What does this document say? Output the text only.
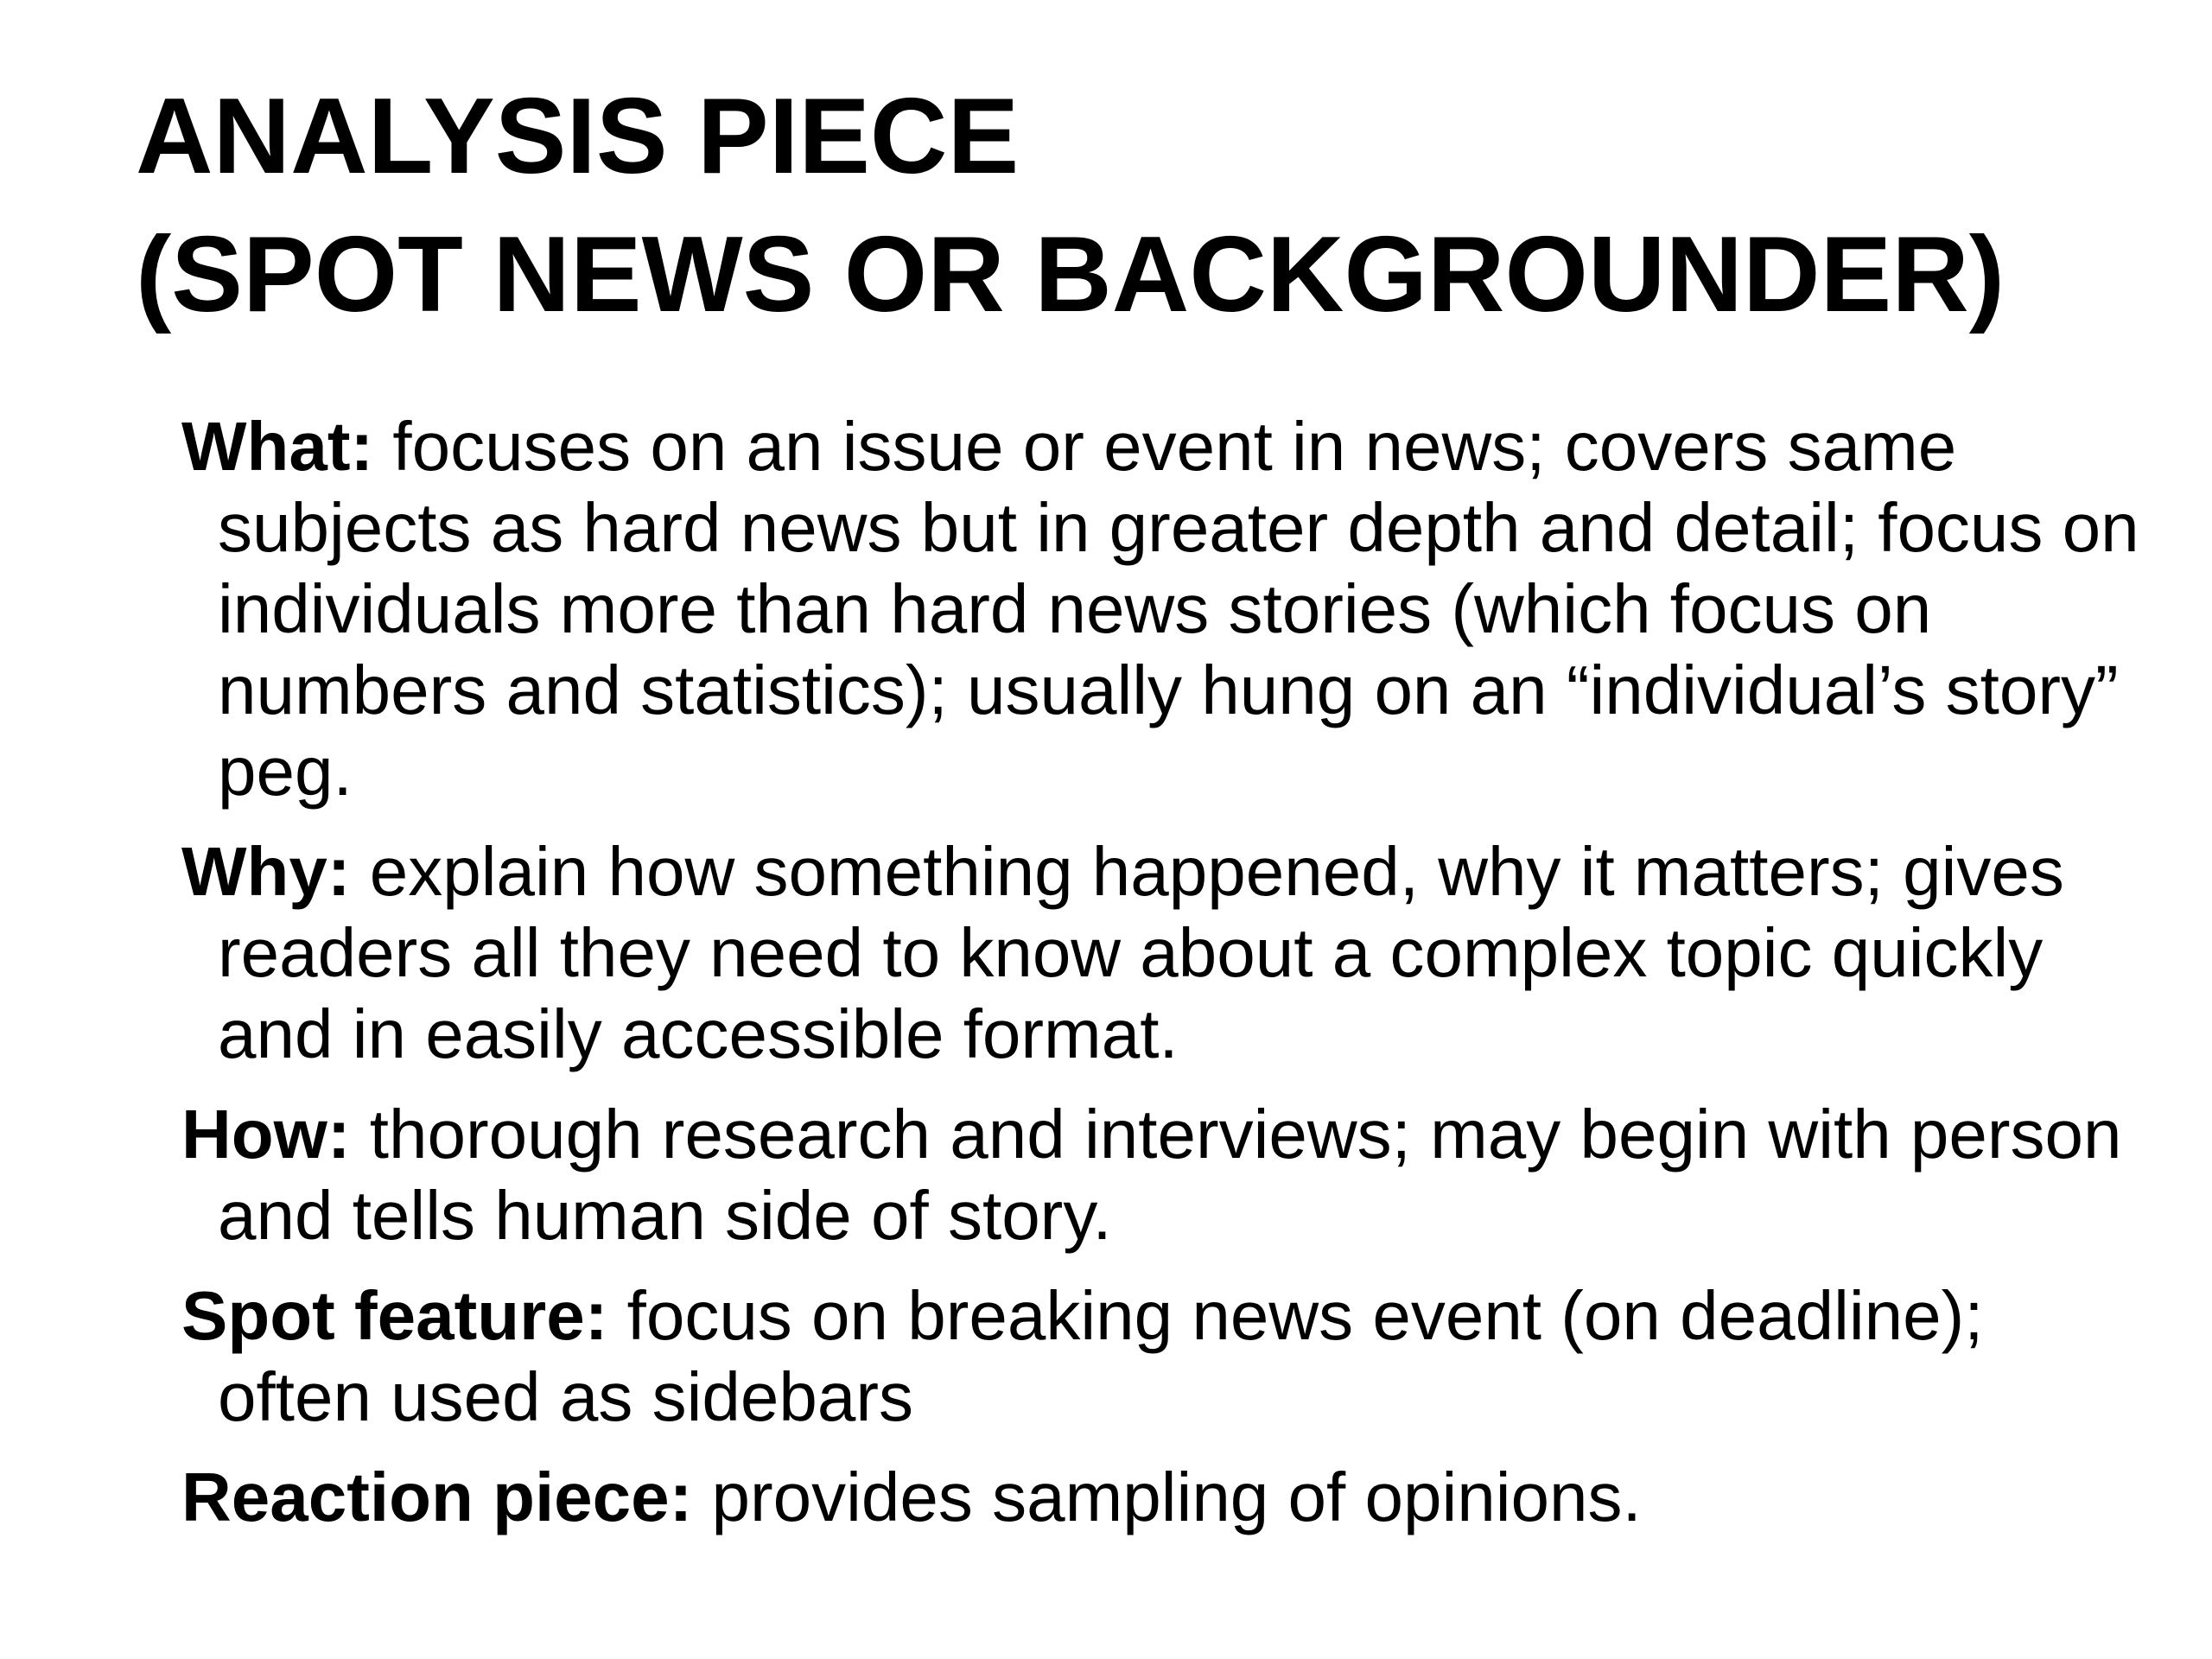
ANALYSIS PIECE
(SPOT NEWS OR BACKGROUNDER)
What: focuses on an issue or event in news; covers same subjects as hard news but in greater depth and detail; focus on individuals more than hard news stories (which focus on numbers and statistics); usually hung on an “individual’s story” peg.
Why: explain how something happened, why it matters; gives readers all they need to know about a complex topic quickly and in easily accessible format.
How: thorough research and interviews; may begin with person and tells human side of story.
Spot feature: focus on breaking news event (on deadline); often used as sidebars
Reaction piece: provides sampling of opinions.
